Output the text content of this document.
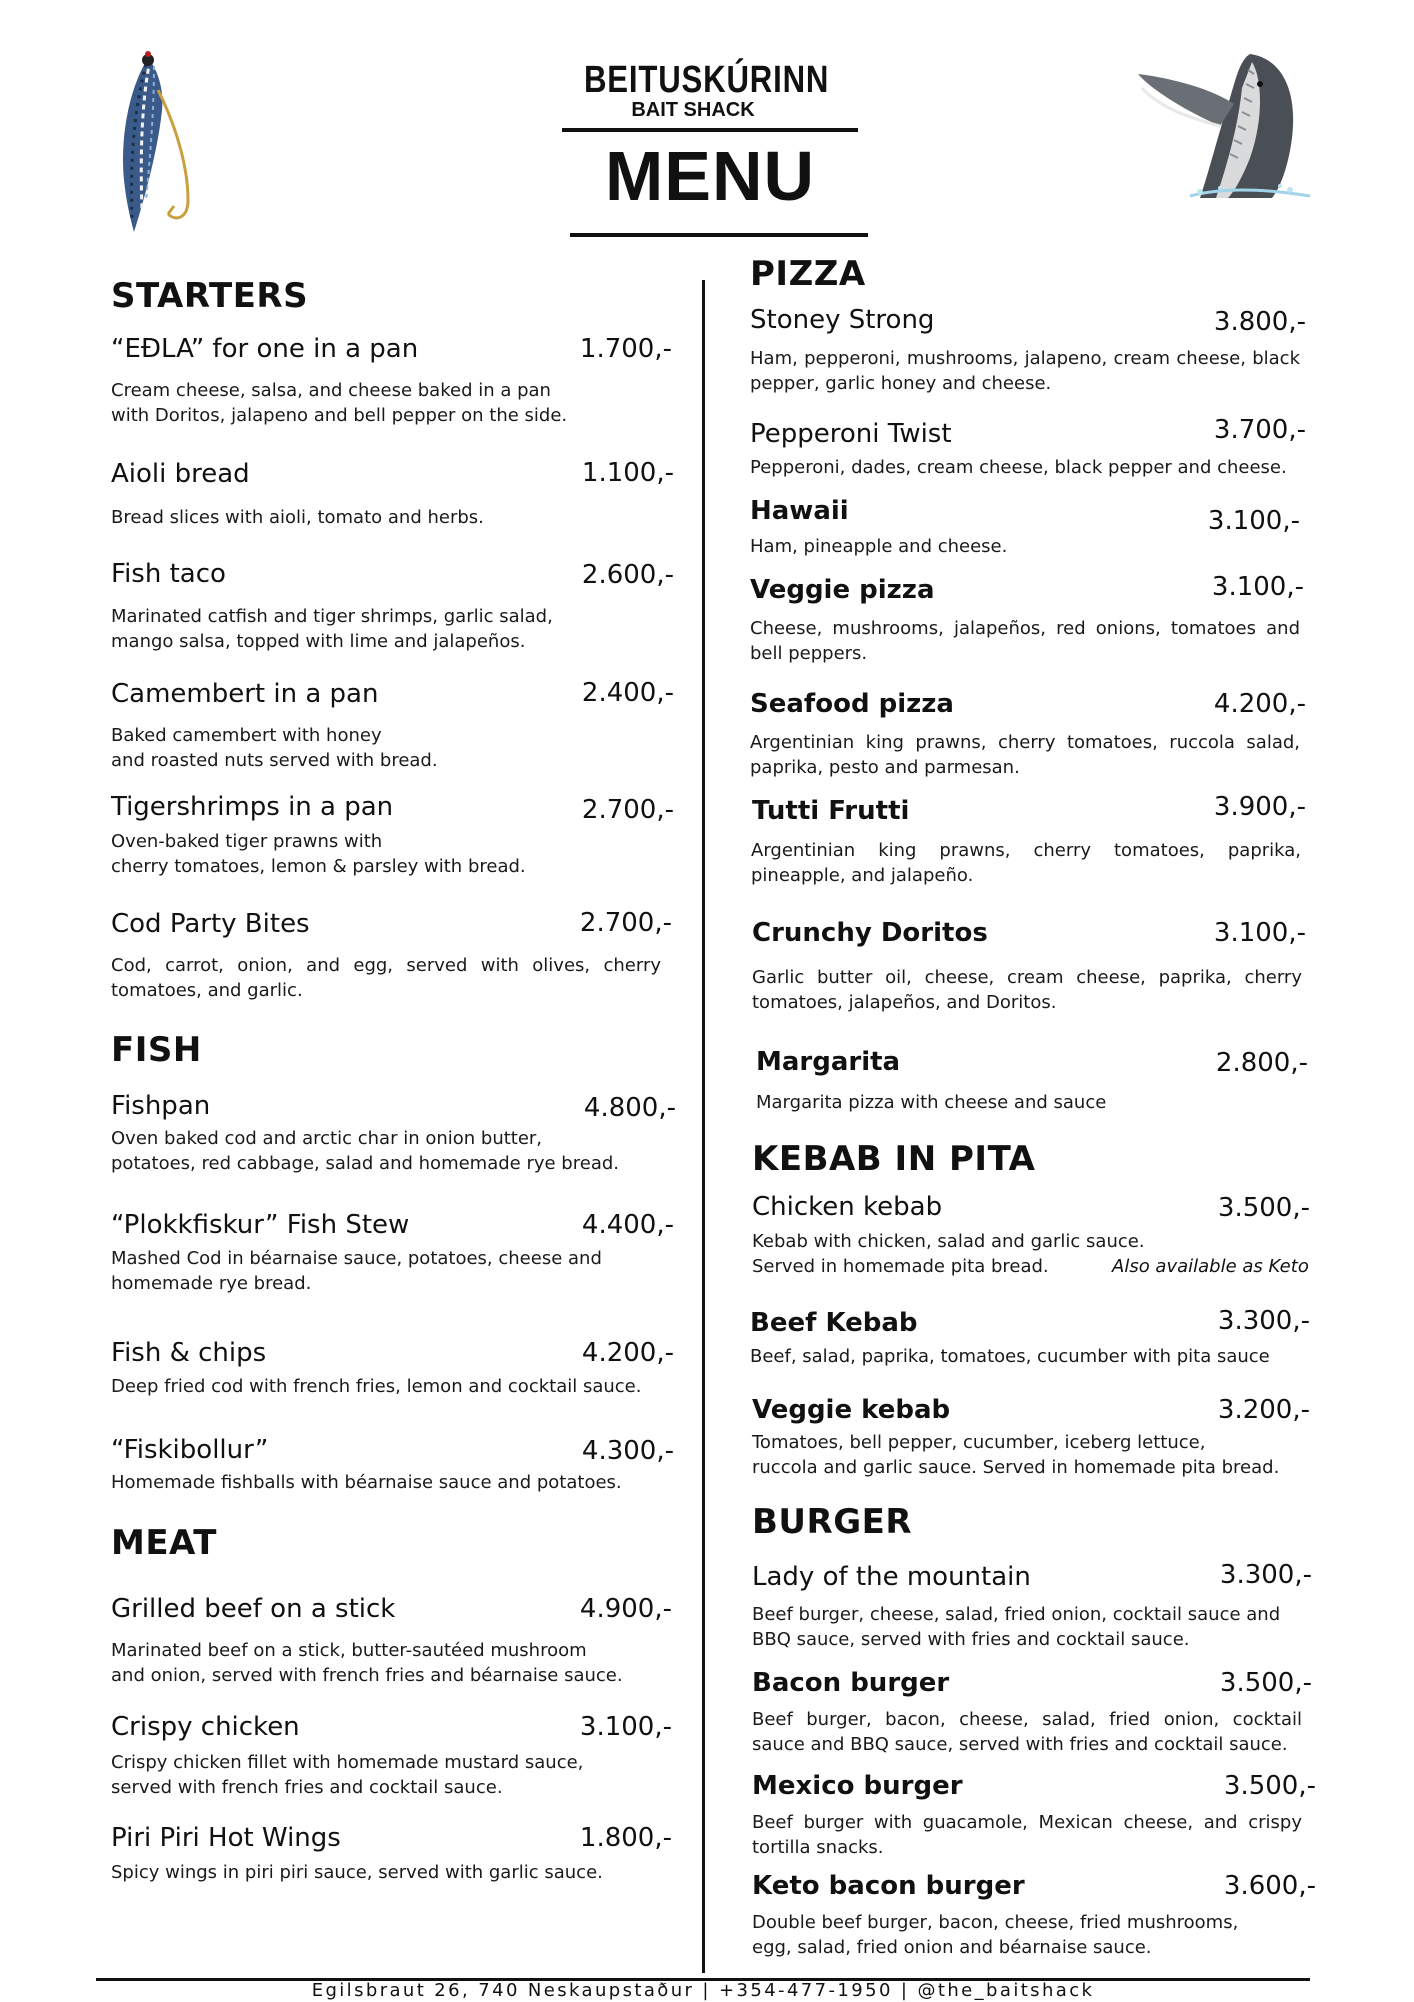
BEITUSKÚRINN
BAIT SHACK
MENU
STARTERS
“EÐLA” for one in a pan	1.700,-
Cream cheese, salsa, and cheese baked in a pan
with Doritos, jalapeno and bell pepper on the side.
Aioli bread	1.100,-
Bread slices with aioli, tomato and herbs.
Fish taco	2.600,-
Marinated catfish and tiger shrimps, garlic salad,
mango salsa, topped with lime and jalapeños.
Camembert in a pan	2.400,-
Baked camembert with honey
and roasted nuts served with bread.
Tigershrimps in a pan	2.700,-
Oven-baked tiger prawns with
cherry tomatoes, lemon & parsley with bread.
Cod Party Bites	2.700,-
Cod, carrot, onion, and egg, served with olives, cherry tomatoes, and garlic.
FISH
Fishpan	4.800,-
Oven baked cod and arctic char in onion butter,
potatoes, red cabbage, salad and homemade rye bread.
“Plokkfiskur” Fish Stew	4.400,-
Mashed Cod in béarnaise sauce, potatoes, cheese and
homemade rye bread.
Fish & chips	4.200,-
Deep fried cod with french fries, lemon and cocktail sauce.
“Fiskibollur”	4.300,-
Homemade fishballs with béarnaise sauce and potatoes.
MEAT
Grilled beef on a stick	4.900,-
Marinated beef on a stick, butter-sautéed mushroom
and onion, served with french fries and béarnaise sauce.
Crispy chicken	3.100,-
Crispy chicken fillet with homemade mustard sauce,
served with french fries and cocktail sauce.
Piri Piri Hot Wings	1.800,-
Spicy wings in piri piri sauce, served with garlic sauce.
PIZZA
Stoney Strong	3.800,-
Ham, pepperoni, mushrooms, jalapeno, cream cheese, black pepper, garlic honey and cheese.
Pepperoni Twist	3.700,-
Pepperoni, dades, cream cheese, black pepper and cheese.
Hawaii	3.100,-
Ham, pineapple and cheese.
Veggie pizza	3.100,-
Cheese, mushrooms, jalapeños, red onions, tomatoes and bell peppers.
Seafood pizza	4.200,-
Argentinian king prawns, cherry tomatoes, ruccola salad, paprika, pesto and parmesan.
Tutti Frutti	3.900,-
Argentinian king prawns, cherry tomatoes, paprika, pineapple, and jalapeño.
Crunchy Doritos	3.100,-
Garlic butter oil, cheese, cream cheese, paprika, cherry tomatoes, jalapeños, and Doritos.
Margarita	2.800,-
Margarita pizza with cheese and sauce
KEBAB IN PITA
Chicken kebab	3.500,-
Kebab with chicken, salad and garlic sauce.
Served in homemade pita bread.	Also available as Keto
Beef Kebab	3.300,-
Beef, salad, paprika, tomatoes, cucumber with pita sauce
Veggie kebab	3.200,-
Tomatoes, bell pepper, cucumber, iceberg lettuce,
ruccola and garlic sauce. Served in homemade pita bread.
BURGER
Lady of the mountain	3.300,-
Beef burger, cheese, salad, fried onion, cocktail sauce and
BBQ sauce, served with fries and cocktail sauce.
Bacon burger	3.500,-
Beef burger, bacon, cheese, salad, fried onion, cocktail sauce and BBQ sauce, served with fries and cocktail sauce.
Mexico burger	3.500,-
Beef burger with guacamole, Mexican cheese, and crispy tortilla snacks.
Keto bacon burger	3.600,-
Double beef burger, bacon, cheese, fried mushrooms,
egg, salad, fried onion and béarnaise sauce.
Egilsbraut 26, 740 Neskaupstaður | +354-477-1950 | @the_baitshack
